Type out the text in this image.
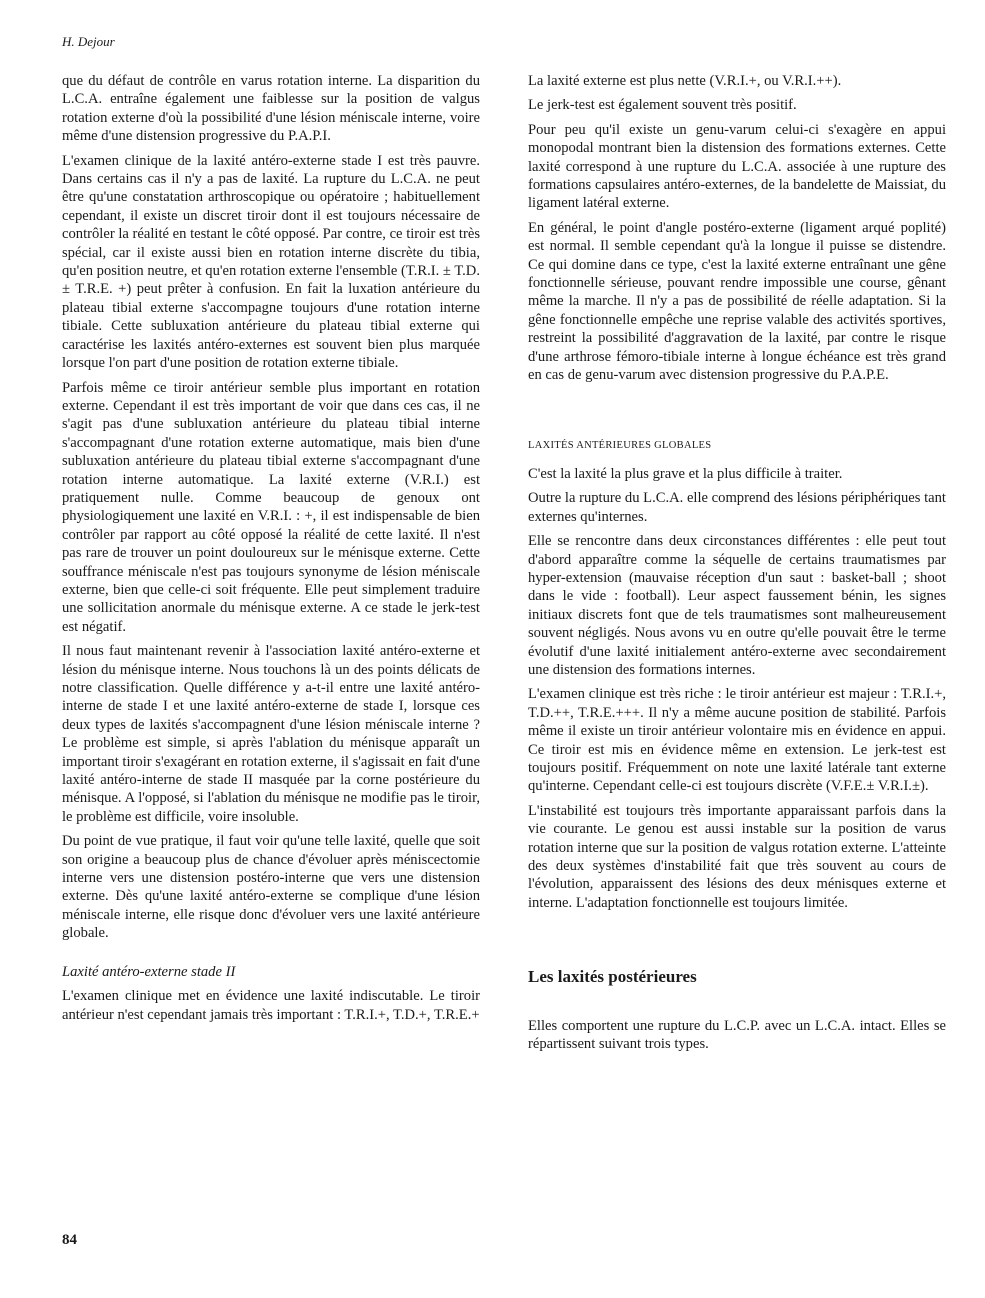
H. Dejour

que du défaut de contrôle en varus rotation interne. La disparition du L.C.A. entraîne également une faiblesse sur la position de valgus rotation externe d'où la possibilité d'une lésion méniscale interne, voire même d'une distension progressive du P.A.P.I.

L'examen clinique de la laxité antéro-externe stade I est très pauvre. Dans certains cas il n'y a pas de laxité. La rupture du L.C.A. ne peut être qu'une constatation arthroscopique ou opératoire ; habituellement cependant, il existe un discret tiroir dont il est toujours nécessaire de contrôler la réalité en testant le côté opposé. Par contre, ce tiroir est très spécial, car il existe aussi bien en rotation interne discrète du tibia, qu'en position neutre, et qu'en rotation externe l'ensemble (T.R.I. ± T.D. ± T.R.E. +) peut prêter à confusion. En fait la luxation antérieure du plateau tibial externe s'accompagne toujours d'une rotation interne tibiale. Cette subluxation antérieure du plateau tibial externe qui caractérise les laxités antéro-externes est souvent bien plus marquée lorsque l'on part d'une position de rotation externe tibiale.

Parfois même ce tiroir antérieur semble plus important en rotation externe. Cependant il est très important de voir que dans ces cas, il ne s'agit pas d'une subluxation antérieure du plateau tibial interne s'accompagnant d'une rotation externe automatique, mais bien d'une subluxation antérieure du plateau tibial externe s'accompagnant d'une rotation interne automatique. La laxité externe (V.R.I.) est pratiquement nulle. Comme beaucoup de genoux ont physiologiquement une laxité en V.R.I. : +, il est indispensable de bien contrôler par rapport au côté opposé la réalité de cette laxité. Il n'est pas rare de trouver un point douloureux sur le ménisque externe. Cette souffrance méniscale n'est pas toujours synonyme de lésion méniscale externe, bien que celle-ci soit fréquente. Elle peut simplement traduire une sollicitation anormale du ménisque externe. A ce stade le jerk-test est négatif.

Il nous faut maintenant revenir à l'association laxité antéro-externe et lésion du ménisque interne. Nous touchons là un des points délicats de notre classification. Quelle différence y a-t-il entre une laxité antéro-interne de stade I et une laxité antéro-externe de stade I, lorsque ces deux types de laxités s'accompagnent d'une lésion méniscale interne ? Le problème est simple, si après l'ablation du ménisque apparaît un important tiroir s'exagérant en rotation externe, il s'agissait en fait d'une laxité antéro-interne de stade II masquée par la corne postérieure du ménisque. A l'opposé, si l'ablation du ménisque ne modifie pas le tiroir, le problème est difficile, voire insoluble.

Du point de vue pratique, il faut voir qu'une telle laxité, quelle que soit son origine a beaucoup plus de chance d'évoluer après méniscectomie interne vers une distension postéro-interne que vers une distension externe. Dès qu'une laxité antéro-externe se complique d'une lésion méniscale interne, elle risque donc d'évoluer vers une laxité antérieure globale.

Laxité antéro-externe stade II

L'examen clinique met en évidence une laxité indiscutable. Le tiroir antérieur n'est cependant jamais très important : T.R.I.+, T.D.+, T.R.E.+

La laxité externe est plus nette (V.R.I.+, ou V.R.I.++).

Le jerk-test est également souvent très positif.

Pour peu qu'il existe un genu-varum celui-ci s'exagère en appui monopodal montrant bien la distension des formations externes. Cette laxité correspond à une rupture du L.C.A. associée à une rupture des formations capsulaires antéro-externes, de la bandelette de Maissiat, du ligament latéral externe.

En général, le point d'angle postéro-externe (ligament arqué poplité) est normal. Il semble cependant qu'à la longue il puisse se distendre. Ce qui domine dans ce type, c'est la laxité externe entraînant une gêne fonctionnelle sérieuse, pouvant rendre impossible une course, gênant même la marche. Il n'y a pas de possibilité de réelle adaptation. Si la gêne fonctionnelle empêche une reprise valable des activités sportives, restreint la possibilité d'aggravation de la laxité, par contre le risque d'une arthrose fémoro-tibiale interne à longue échéance est très grand en cas de genu-varum avec distension progressive du P.A.P.E.

LAXITÉS ANTÉRIEURES GLOBALES

C'est la laxité la plus grave et la plus difficile à traiter.

Outre la rupture du L.C.A. elle comprend des lésions périphériques tant externes qu'internes.

Elle se rencontre dans deux circonstances différentes : elle peut tout d'abord apparaître comme la séquelle de certains traumatismes par hyper-extension (mauvaise réception d'un saut : basket-ball ; shoot dans le vide : football). Leur aspect faussement bénin, les signes initiaux discrets font que de tels traumatismes sont malheureusement souvent négligés. Nous avons vu en outre qu'elle pouvait être le terme évolutif d'une laxité initialement antéro-externe avec secondairement une distension des formations internes.

L'examen clinique est très riche : le tiroir antérieur est majeur : T.R.I.+, T.D.++, T.R.E.+++. Il n'y a même aucune position de stabilité. Parfois même il existe un tiroir antérieur volontaire mis en évidence en appui. Ce tiroir est mis en évidence même en extension. Le jerk-test est toujours positif. Fréquemment on note une laxité latérale tant externe qu'interne. Cependant celle-ci est toujours discrète (V.F.E.± V.R.I.±).

L'instabilité est toujours très importante apparaissant parfois dans la vie courante. Le genou est aussi instable sur la position de varus rotation interne que sur la position de valgus rotation externe. L'atteinte des deux systèmes d'instabilité fait que très souvent au cours de l'évolution, apparaissent des lésions des deux ménisques externe et interne. L'adaptation fonctionnelle est toujours limitée.

Les laxités postérieures

Elles comportent une rupture du L.C.P. avec un L.C.A. intact. Elles se répartissent suivant trois types.

84
